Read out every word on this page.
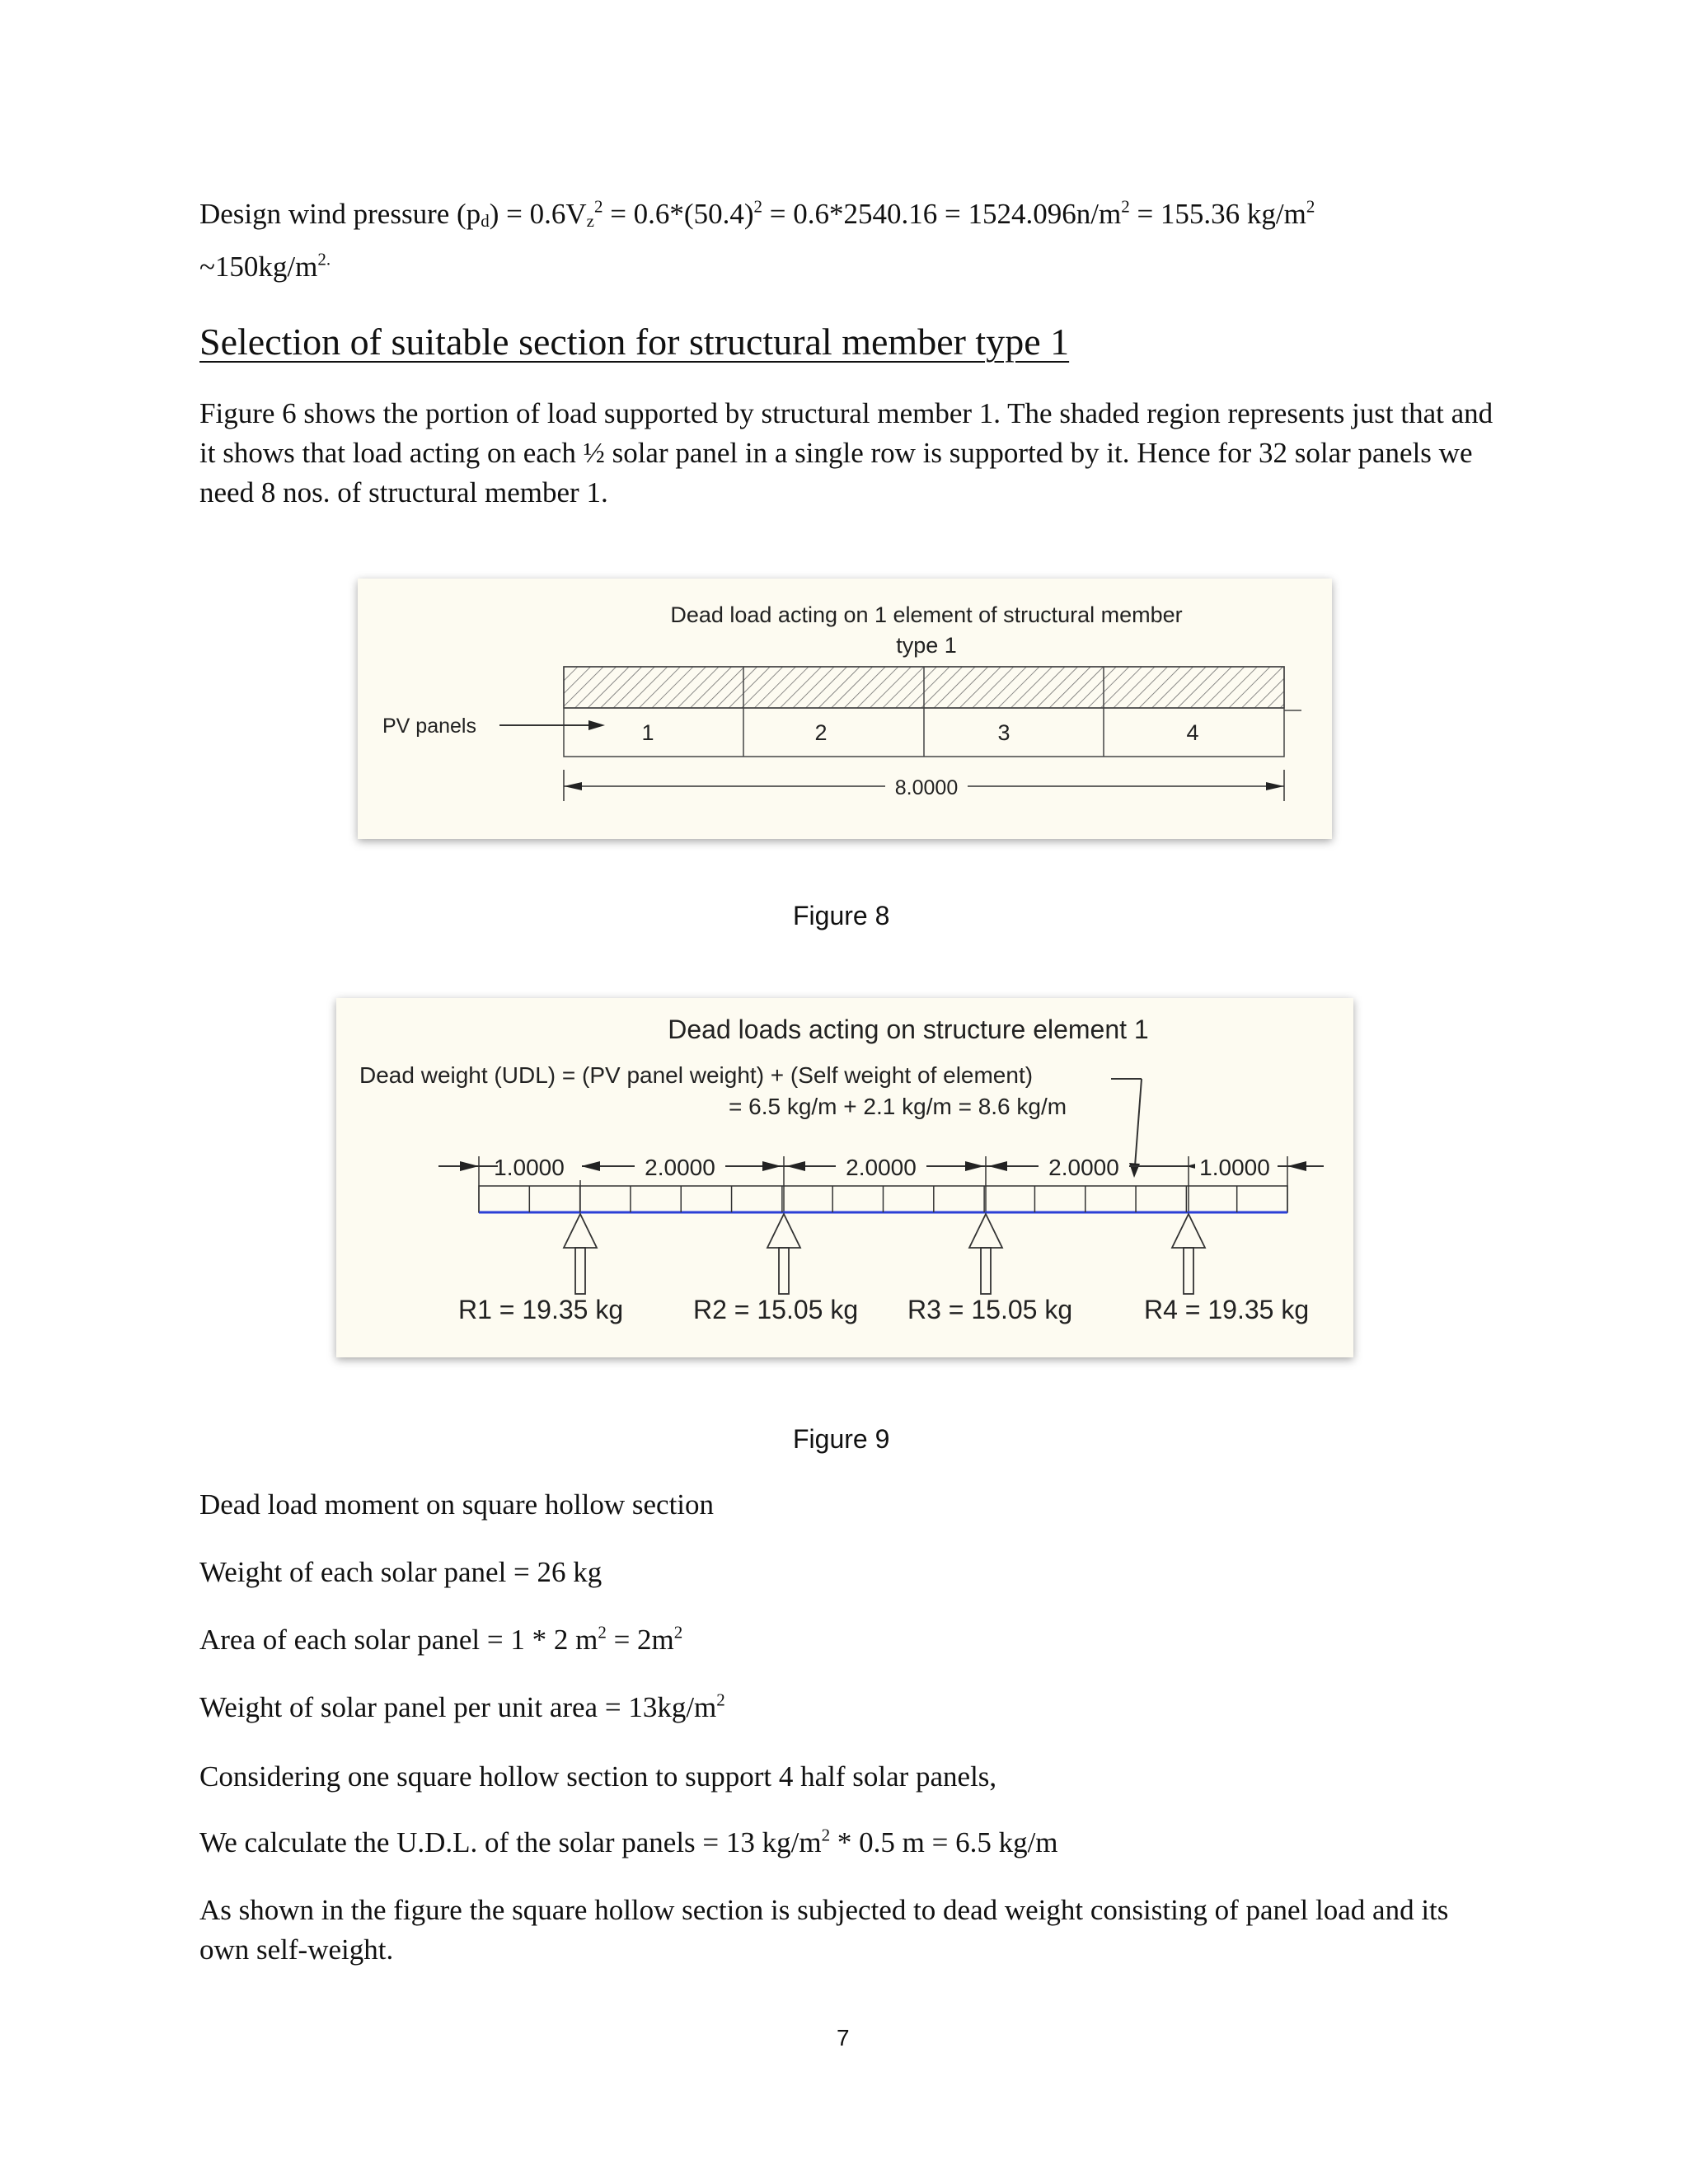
Design wind pressure $(p_d) = 0.6V_z^2 = 0.6*(50.4)^2 = 0.6*2540.16 = 1524.096n/m^2 = 155.36$ $kg/m^2$
$\sim 150kg/m^{2.}$
Selection of suitable section for structural member type 1
Figure 6 shows the portion of load supported by structural member 1. The shaded region represents just that and it shows that load acting on each ½ solar panel in a single row is supported by it. Hence for 32 solar panels we need 8 nos. of structural member 1.
Dead load acting on 1 element of structural member
type 1
PV panels	1	2	3	4
8.0000
Figure 8
Dead loads acting on structure element 1
Dead weight (UDL) = (PV panel weight) + (Self weight of element)
= 6.5 kg/m + 2.1 kg/m = 8.6 kg/m
1.0000	2.0000	2.0000	2.0000	1.0000
R1 = 19.35 kg	R2 = 15.05 kg R3 = 15.05 kg	R4 = 19.35 kg
Figure 9
Dead load moment on square hollow section
Weight of each solar panel = 26 kg
Area of each solar panel = 1 * 2 $m^2 = 2m^2$
Weight of solar panel per unit area = $13kg/m^2$
Considering one square hollow section to support 4 half solar panels,
We calculate the U.D.L. of the solar panels = 13 $kg/m^2 * 0.5$ m = 6.5 kg/m
As shown in the figure the square hollow section is subjected to dead weight consisting of panel load and its own self-weight.
7
